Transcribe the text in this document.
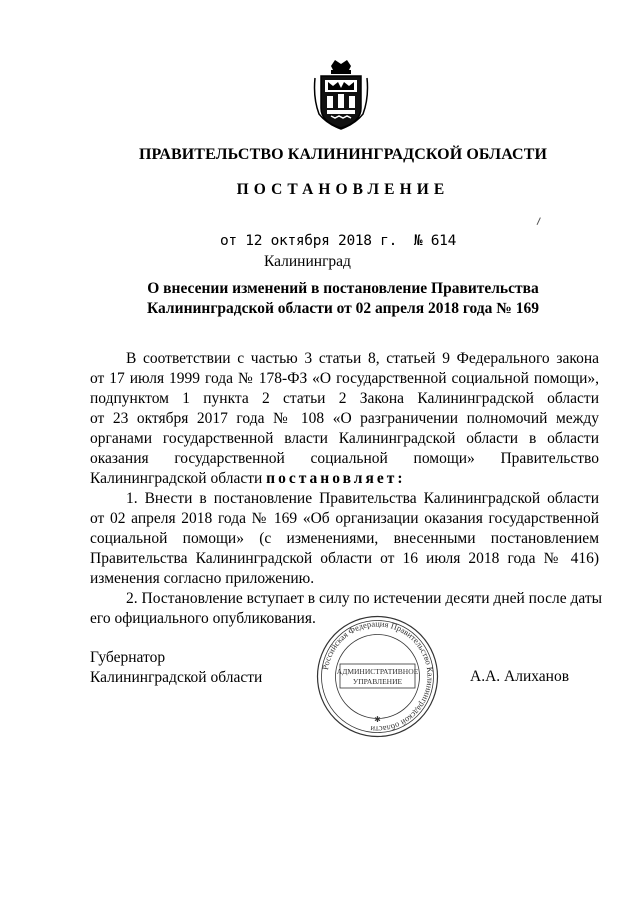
ПРАВИТЕЛЬСТВО КАЛИНИНГРАДСКОЙ ОБЛАСТИ
ПОСТАНОВЛЕНИЕ
от 12 октября 2018 г.  № 614
Калининград
О внесении изменений в постановление Правительства
Калининградской области от 02 апреля 2018 года № 169
В соответствии с частью 3 статьи 8, статьей 9 Федерального закона
от 17 июля 1999 года № 178-ФЗ «О государственной социальной помощи»,
подпунктом 1 пункта 2 статьи 2 Закона Калининградской области
от 23 октября 2017 года № 108 «О разграничении полномочий между
органами государственной власти Калининградской области в области
оказания государственной социальной помощи» Правительство
Калининградской области постановляет:
1. Внести в постановление Правительства Калининградской области
от 02 апреля 2018 года № 169 «Об организации оказания государственной
социальной помощи» (с изменениями, внесенными постановлением
Правительства Калининградской области от 16 июля 2018 года № 416)
изменения согласно приложению.
2. Постановление вступает в силу по истечении десяти дней после даты
его официального опубликования.
Губернатор
Калининградской области	А.А. Алиханов
Российская Федерация Правительство Калининградской области
АДМИНИСТРАТИВНОЕ
УПРАВЛЕНИЕ
✱
